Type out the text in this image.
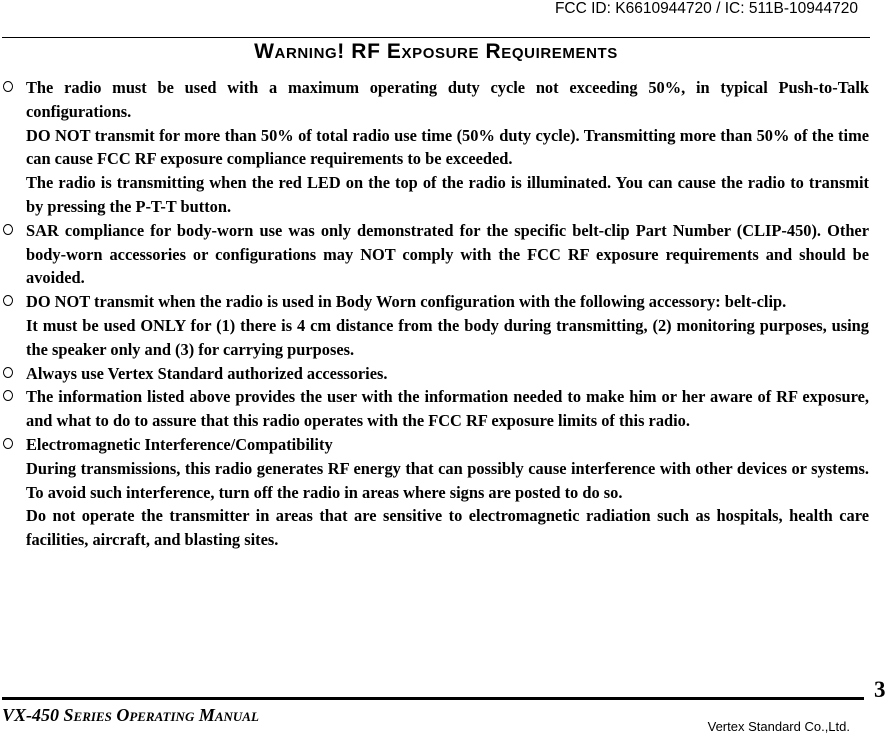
FCC ID: K6610944720 / IC: 511B-10944720
Warning! RF Exposure Requirements
The radio must be used with a maximum operating duty cycle not exceeding 50%, in typical Push-to-Talk configurations.
DO NOT transmit for more than 50% of total radio use time (50% duty cycle). Transmitting more than 50% of the time can cause FCC RF exposure compliance requirements to be exceeded.
The radio is transmitting when the red LED on the top of the radio is illuminated. You can cause the radio to transmit by pressing the P-T-T button.
SAR compliance for body-worn use was only demonstrated for the specific belt-clip Part Number (CLIP-450). Other body-worn accessories or configurations may NOT comply with the FCC RF exposure requirements and should be avoided.
DO NOT transmit when the radio is used in Body Worn configuration with the following accessory: belt-clip.
It must be used ONLY for (1) there is 4 cm distance from the body during transmitting, (2) monitoring purposes, using the speaker only and (3) for carrying purposes.
Always use Vertex Standard authorized accessories.
The information listed above provides the user with the information needed to make him or her aware of RF exposure, and what to do to assure that this radio operates with the FCC RF exposure limits of this radio.
Electromagnetic Interference/Compatibility
During transmissions, this radio generates RF energy that can possibly cause interference with other devices or systems. To avoid such interference, turn off the radio in areas where signs are posted to do so.
Do not operate the transmitter in areas that are sensitive to electromagnetic radiation such as hospitals, health care facilities, aircraft, and blasting sites.
3
VX-450 Series Operating Manual
Vertex Standard Co.,Ltd.
